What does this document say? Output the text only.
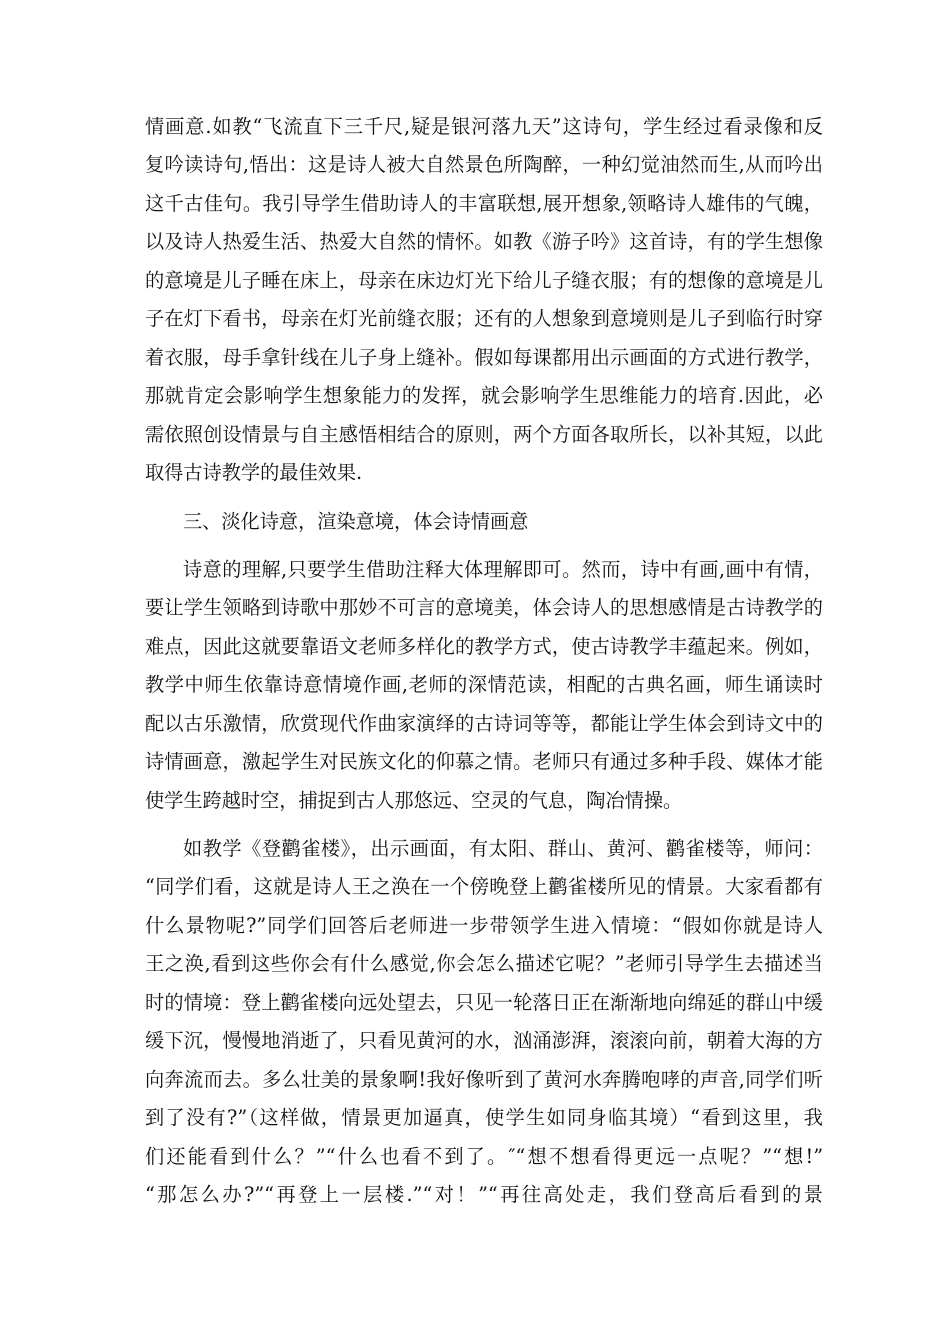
情画意.如教“飞流直下三千尺,疑是银河落九天”这诗句，学生经过看录像和反
复吟读诗句,悟出：这是诗人被大自然景色所陶醉，一种幻觉油然而生,从而吟出
这千古佳句。我引导学生借助诗人的丰富联想,展开想象,领略诗人雄伟的气魄，
以及诗人热爱生活、热爱大自然的情怀。如教《游子吟》这首诗，有的学生想像
的意境是儿子睡在床上，母亲在床边灯光下给儿子缝衣服；有的想像的意境是儿
子在灯下看书，母亲在灯光前缝衣服；还有的人想象到意境则是儿子到临行时穿
着衣服，母手拿针线在儿子身上缝补。假如每课都用出示画面的方式进行教学，
那就肯定会影响学生想象能力的发挥，就会影响学生思维能力的培育.因此，必
需依照创设情景与自主感悟相结合的原则，两个方面各取所长，以补其短，以此
取得古诗教学的最佳效果.
三、淡化诗意，渲染意境，体会诗情画意
诗意的理解,只要学生借助注释大体理解即可。然而，诗中有画,画中有情，
要让学生领略到诗歌中那妙不可言的意境美，体会诗人的思想感情是古诗教学的
难点，因此这就要靠语文老师多样化的教学方式，使古诗教学丰蕴起来。例如，
教学中师生依靠诗意情境作画,老师的深情范读，相配的古典名画，师生诵读时
配以古乐激情，欣赏现代作曲家演绎的古诗词等等，都能让学生体会到诗文中的
诗情画意，激起学生对民族文化的仰慕之情。老师只有通过多种手段、媒体才能
使学生跨越时空，捕捉到古人那悠远、空灵的气息，陶冶情操。
如教学《登鹳雀楼》，出示画面，有太阳、群山、黄河、鹳雀楼等，师问：
“同学们看，这就是诗人王之涣在一个傍晚登上鹳雀楼所见的情景。大家看都有
什么景物呢?”同学们回答后老师进一步带领学生进入情境：“假如你就是诗人
王之涣,看到这些你会有什么感觉,你会怎么描述它呢？”老师引导学生去描述当
时的情境：登上鹳雀楼向远处望去，只见一轮落日正在渐渐地向绵延的群山中缓
缓下沉，慢慢地消逝了，只看见黄河的水，汹涌澎湃，滚滚向前，朝着大海的方
向奔流而去。多么壮美的景象啊!我好像听到了黄河水奔腾咆哮的声音,同学们听
到了没有?”（这样做，情景更加逼真，使学生如同身临其境）“看到这里，我
们还能看到什么？”“什么也看不到了。″“想不想看得更远一点呢？”“想!”
“那怎么办?”“再登上一层楼.”“对！”“再往高处走，我们登高后看到的景
